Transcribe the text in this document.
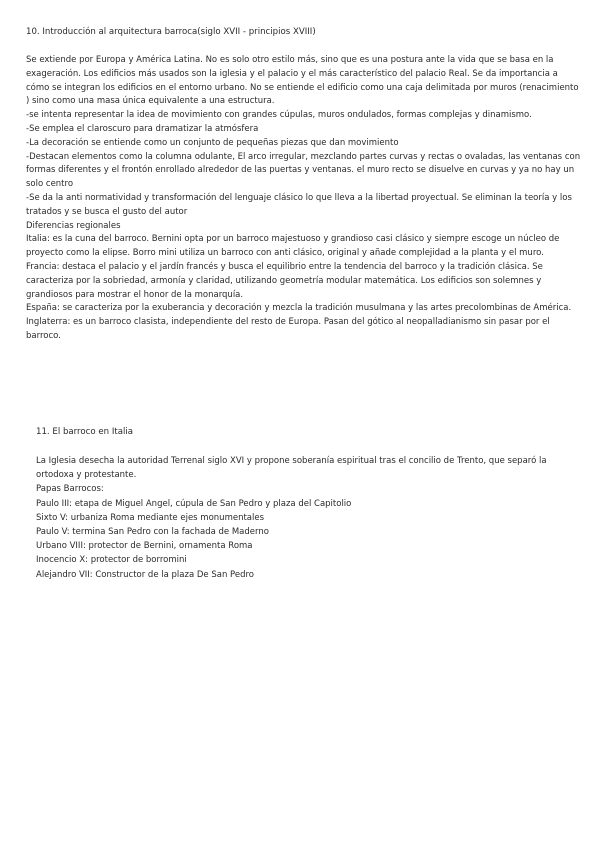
10. Introducción al arquitectura barroca(siglo XVII - principios XVIII)

Se extiende por Europa y América Latina. No es solo otro estilo más, sino que es una postura ante la vida que se basa en la exageración. Los edificios más usados son la iglesia y el palacio y el más característico del palacio Real. Se da importancia a cómo se integran los edificios en el entorno urbano. No se entiende el edificio como una caja delimitada por muros (renacimiento ) sino como una masa única equivalente a una estructura.

-se intenta representar la idea de movimiento con grandes cúpulas, muros ondulados, formas complejas y dinamismo.

-Se emplea el claroscuro para dramatizar la atmósfera

-La decoración se entiende como un conjunto de pequeñas piezas que dan movimiento

-Destacan elementos como la columna odulante, El arco irregular, mezclando partes curvas y rectas o ovaladas, las ventanas con formas diferentes y el frontón enrollado alrededor de las puertas y ventanas. el muro recto se disuelve en curvas y ya no hay un solo centro

-Se da la anti normatividad y transformación del lenguaje clásico lo que lleva a la libertad proyectual. Se eliminan la teoría y los tratados y se busca el gusto del autor

Diferencias regionales

Italia: es la cuna del barroco. Bernini opta por un barroco majestuoso y grandioso casi clásico y siempre escoge un núcleo de proyecto como la elipse. Borro mini utiliza un barroco con anti clásico, original y añade complejidad a la planta y el muro.

Francia: destaca el palacio y el jardín francés y busca el equilibrio entre la tendencia del barroco y la tradición clásica. Se caracteriza por la sobriedad, armonía y claridad, utilizando geometría modular matemática. Los edificios son solemnes y grandiosos para mostrar el honor de la monarquía.

España: se caracteriza por la exuberancia y decoración y mezcla la tradición musulmana y las artes precolombinas de América.

Inglaterra: es un barroco clasista, independiente del resto de Europa. Pasan del gótico al neopalladianismo sin pasar por el barroco.

11. El barroco en Italia

La Iglesia desecha la autoridad Terrenal siglo XVI y propone soberanía espiritual tras el concilio de Trento, que separó la ortodoxa y protestante.

Papas Barrocos:

Paulo III: etapa de Miguel Angel, cúpula de San Pedro y plaza del Capitolio

Sixto V: urbaniza Roma mediante ejes monumentales

Paulo V: termina San Pedro con la fachada de Maderno

Urbano VIII: protector de Bernini, ornamenta Roma

Inocencio X: protector de borromini

Alejandro VII: Constructor de la plaza De San Pedro
